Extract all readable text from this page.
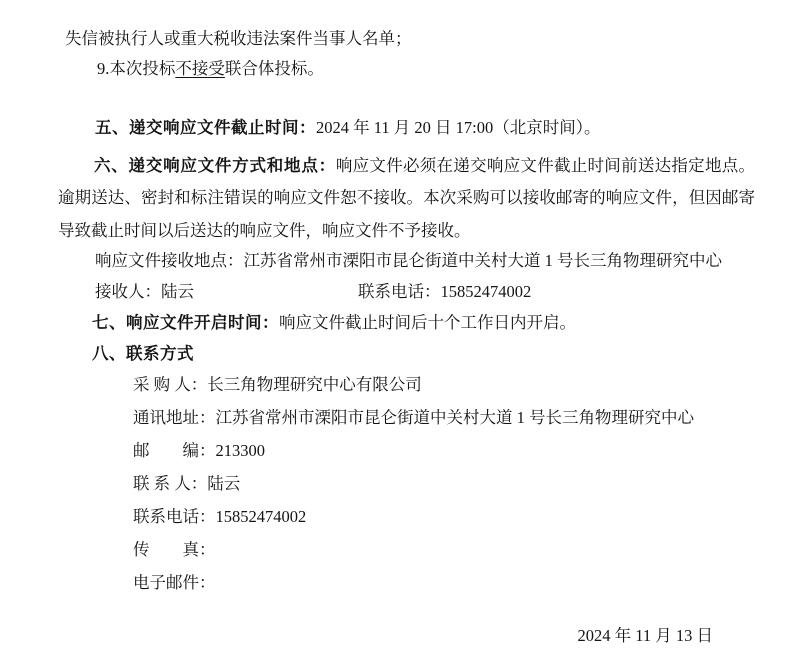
失信被执行人或重大税收违法案件当事人名单；
9.本次投标不接受联合体投标。
五、递交响应文件截止时间：2024 年 11 月 20 日 17:00（北京时间）。
六、递交响应文件方式和地点：响应文件必须在递交响应文件截止时间前送达指定地点。逾期送达、密封和标注错误的响应文件恕不接收。本次采购可以接收邮寄的响应文件，但因邮寄导致截止时间以后送达的响应文件，响应文件不予接收。
响应文件接收地点：江苏省常州市溧阳市昆仑街道中关村大道 1 号长三角物理研究中心

接收人：陆云

	联系电话：15852474002

七、响应文件开启时间：响应文件截止时间后十个工作日内开启。
八、联系方式
采 购 人：长三角物理研究中心有限公司
通讯地址：江苏省常州市溧阳市昆仑街道中关村大道 1 号长三角物理研究中心
邮　　编：213300
联 系 人：陆云
联系电话：15852474002
传　　真：
电子邮件：
2024 年 11 月 13 日
